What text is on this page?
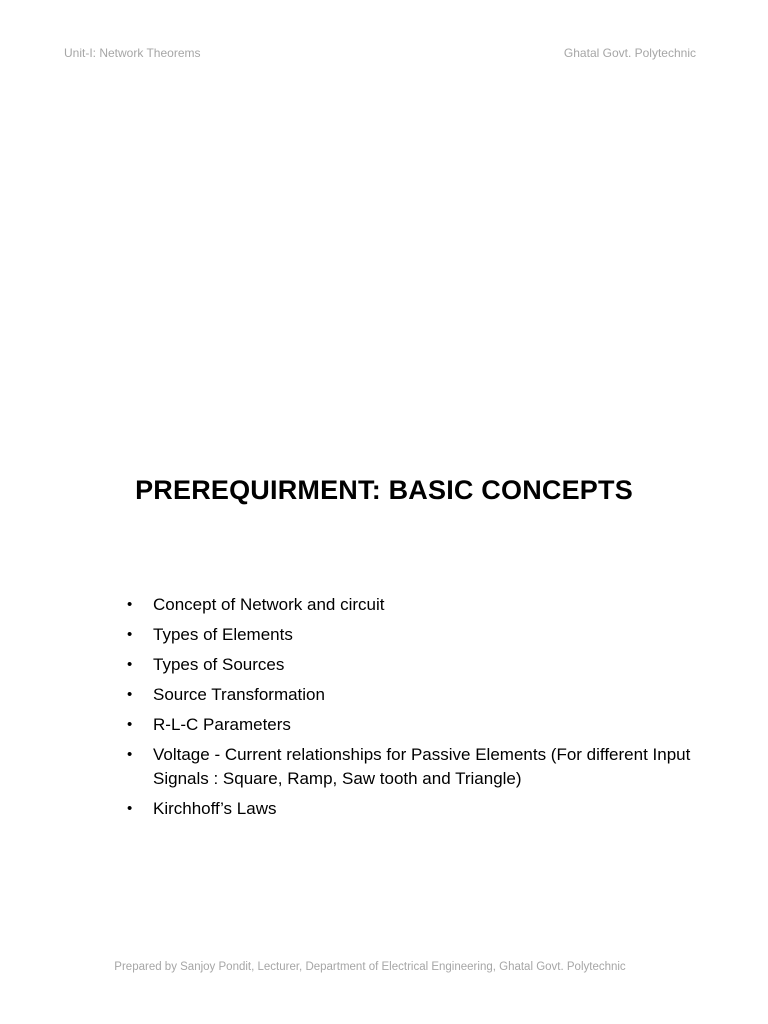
Unit-I: Network Theorems	Ghatal Govt. Polytechnic
PREREQUIRMENT: BASIC CONCEPTS
• Concept of Network and circuit
• Types of Elements
• Types of Sources
• Source Transformation
• R-L-C Parameters
• Voltage - Current relationships for Passive Elements (For different Input Signals : Square, Ramp, Saw tooth and Triangle)
• Kirchhoff’s Laws
Prepared by Sanjoy Pondit, Lecturer, Department of Electrical Engineering, Ghatal Govt. Polytechnic
